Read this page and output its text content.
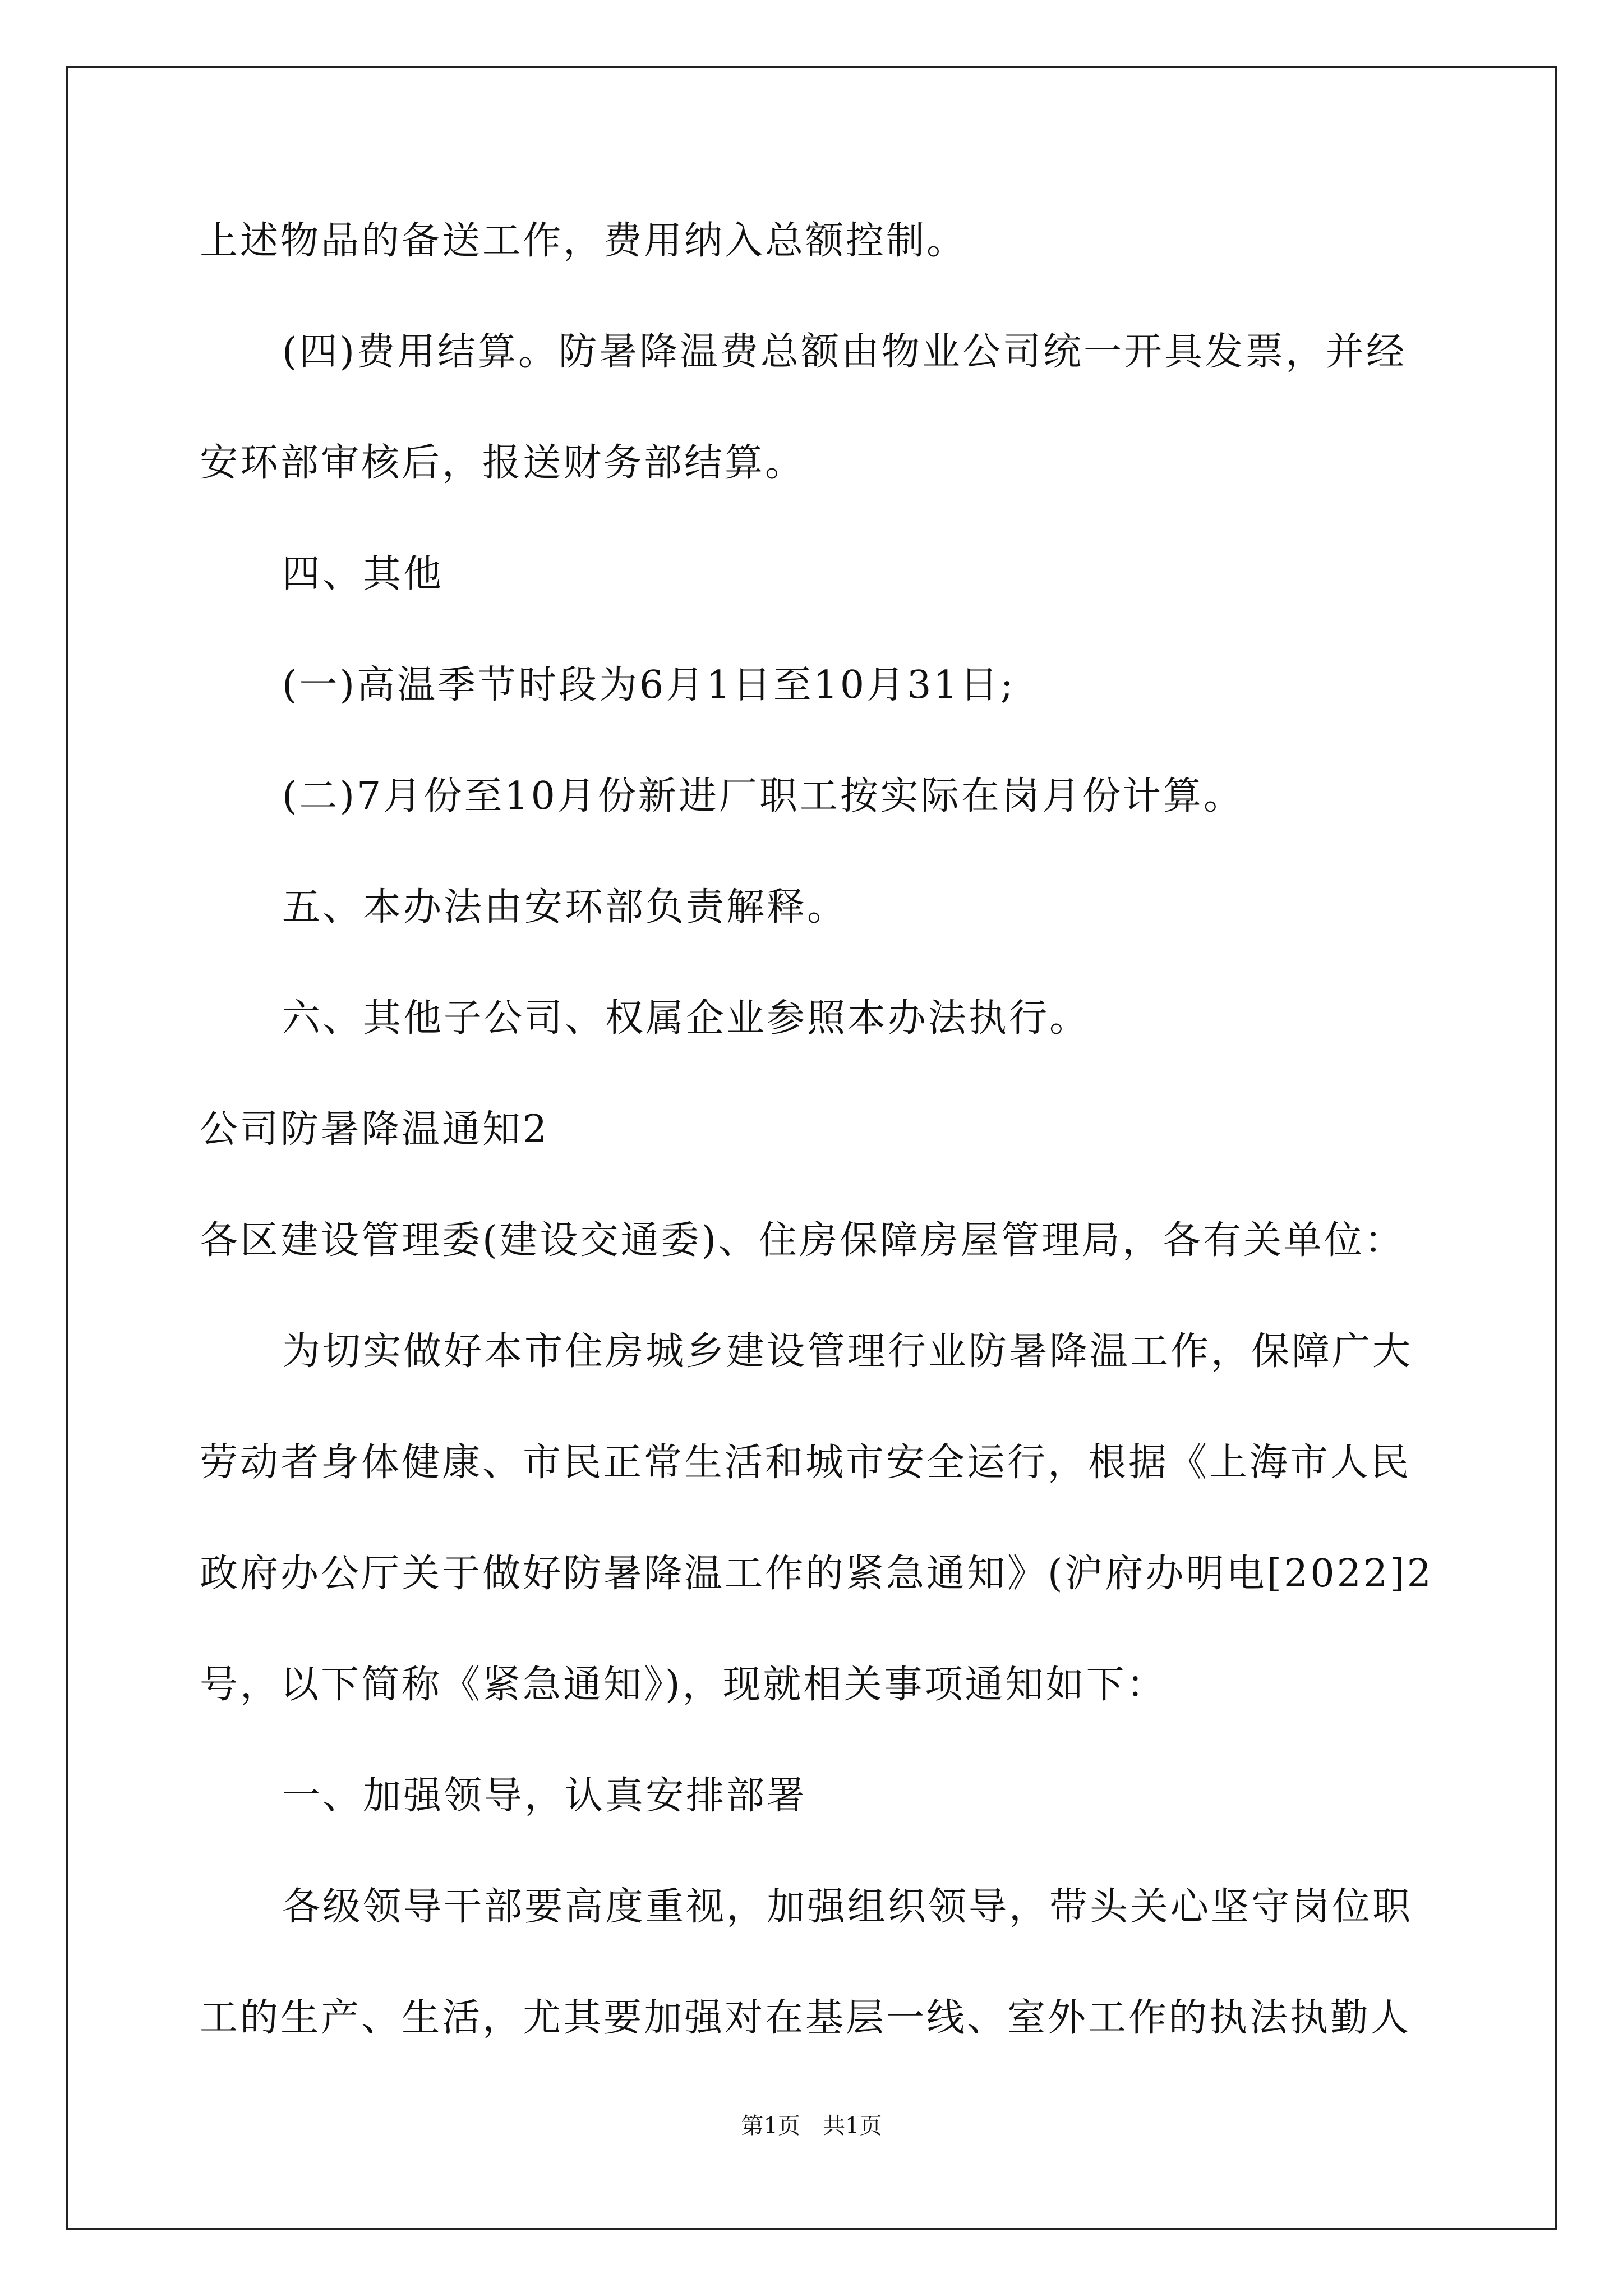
上述物品的备送工作，费用纳入总额控制。
(四)费用结算。防暑降温费总额由物业公司统一开具发票，并经
安环部审核后，报送财务部结算。
四、其他
(一)高温季节时段为6月1日至10月31日;
(二)7月份至10月份新进厂职工按实际在岗月份计算。
五、本办法由安环部负责解释。
六、其他子公司、权属企业参照本办法执行。
公司防暑降温通知2
各区建设管理委(建设交通委)、住房保障房屋管理局，各有关单位：
为切实做好本市住房城乡建设管理行业防暑降温工作，保障广大
劳动者身体健康、市民正常生活和城市安全运行，根据《上海市人民
政府办公厅关于做好防暑降温工作的紧急通知》(沪府办明电[2022]2
号，以下简称《紧急通知》)，现就相关事项通知如下：
一、加强领导，认真安排部署
各级领导干部要高度重视，加强组织领导，带头关心坚守岗位职
工的生产、生活，尤其要加强对在基层一线、室外工作的执法执勤人
第1页　共1页
